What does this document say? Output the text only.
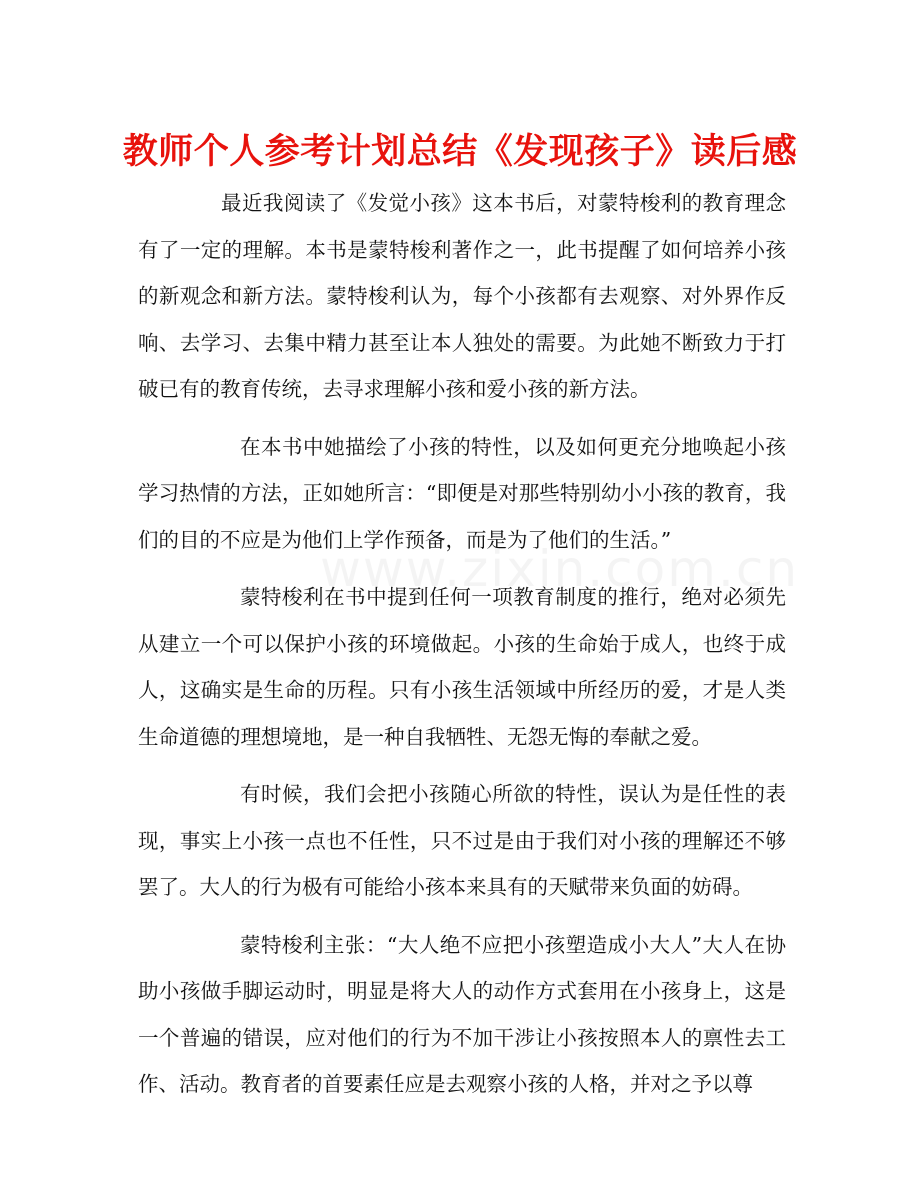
教师个人参考计划总结《发现孩子》读后感

最近我阅读了《发觉小孩》这本书后，对蒙特梭利的教育理念有了一定的理解。本书是蒙特梭利著作之一，此书提醒了如何培养小孩的新观念和新方法。蒙特梭利认为，每个小孩都有去观察、对外界作反响、去学习、去集中精力甚至让本人独处的需要。为此她不断致力于打破已有的教育传统，去寻求理解小孩和爱小孩的新方法。

在本书中她描绘了小孩的特性，以及如何更充分地唤起小孩学习热情的方法，正如她所言：“即便是对那些特别幼小小孩的教育，我们的目的不应是为他们上学作预备，而是为了他们的生活。”

蒙特梭利在书中提到任何一项教育制度的推行，绝对必须先从建立一个可以保护小孩的环境做起。小孩的生命始于成人，也终于成人，这确实是生命的历程。只有小孩生活领域中所经历的爱，才是人类生命道德的理想境地，是一种自我牺牲、无怨无悔的奉献之爱。

有时候，我们会把小孩随心所欲的特性，误认为是任性的表现，事实上小孩一点也不任性，只不过是由于我们对小孩的理解还不够罢了。大人的行为极有可能给小孩本来具有的天赋带来负面的妨碍。

蒙特梭利主张：“大人绝不应把小孩塑造成小大人”大人在协助小孩做手脚运动时，明显是将大人的动作方式套用在小孩身上，这是一个普遍的错误，应对他们的行为不加干涉让小孩按照本人的禀性去工作、活动。教育者的首要素任应是去观察小孩的人格，并对之予以尊
